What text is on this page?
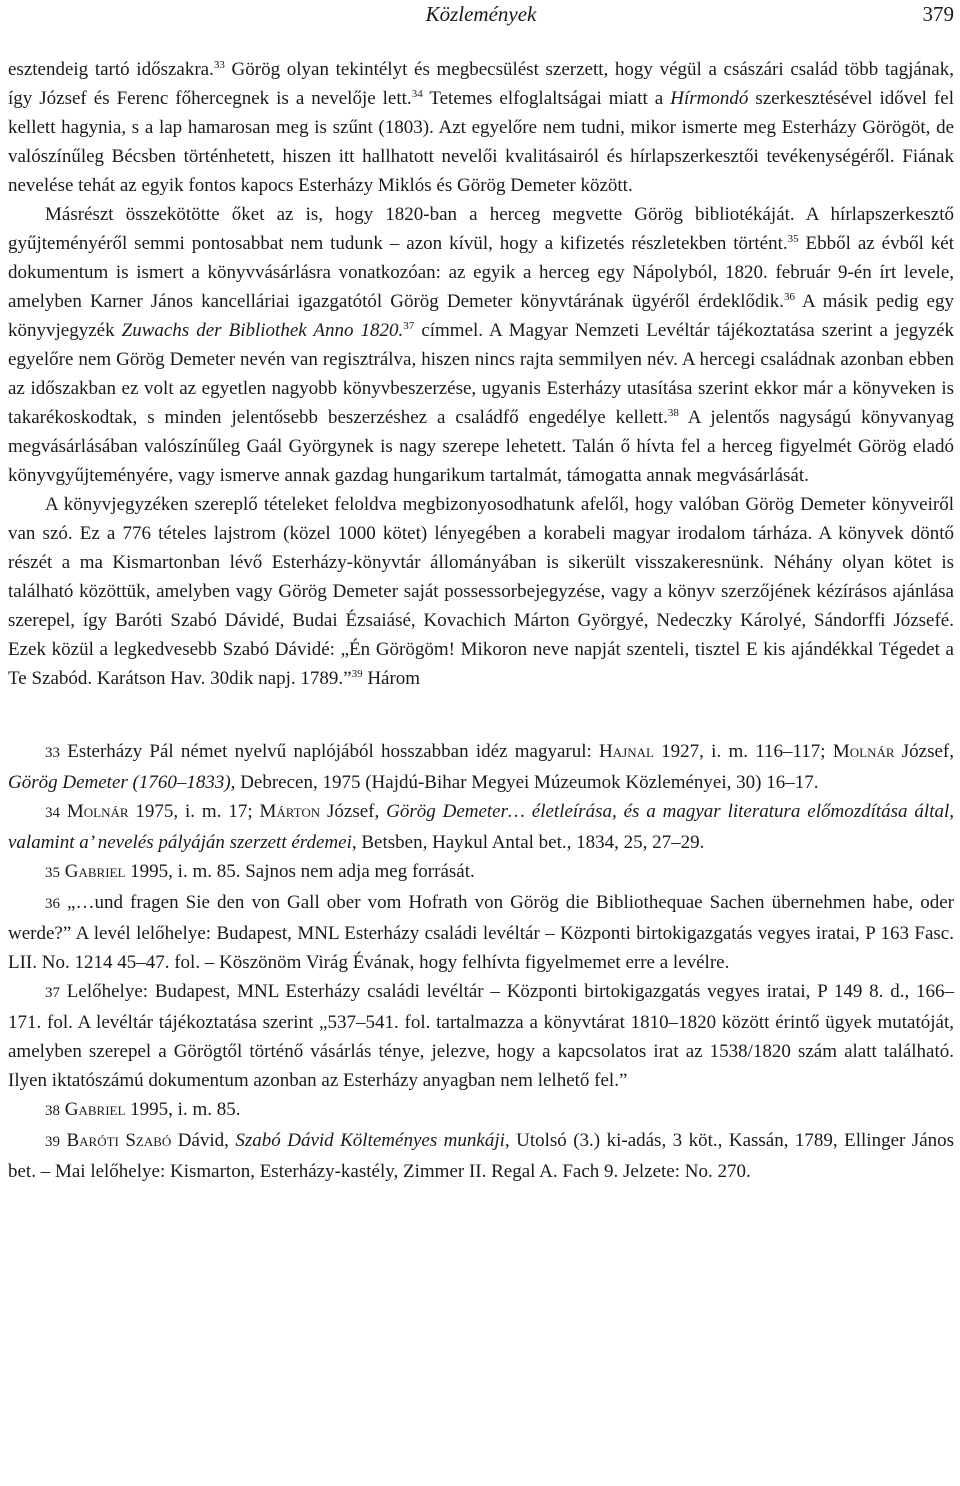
Közlemények	379

esztendeig tartó időszakra.$^{33}$ Görög olyan tekintélyt és megbecsülést szerzett, hogy végül a császári család több tagjának, így József és Ferenc főhercegnek is a nevelője lett.$^{34}$ Tetemes elfoglaltságai miatt a Hírmondó szerkesztésével idővel fel kellett hagynia, s a lap hamarosan meg is szűnt (1803). Azt egyelőre nem tudni, mikor ismerte meg Esterházy Görögöt, de valószínűleg Bécsben történhetett, hiszen itt hallhatott nevelői kvalitásairól és hírlapszerkesztői tevékenységéről. Fiának nevelése tehát az egyik fontos kapocs Esterházy Miklós és Görög Demeter között.

Másrészt összekötötte őket az is, hogy 1820-ban a herceg megvette Görög bibliotékáját. A hírlapszerkesztő gyűjteményéről semmi pontosabbat nem tudunk – azon kívül, hogy a kifizetés részletekben történt.$^{35}$ Ebből az évből két dokumentum is ismert a könyvvásárlásra vonatkozóan: az egyik a herceg egy Nápolyból, 1820. február 9-én írt levele, amelyben Karner János kancelláriai igazgatótól Görög Demeter könyvtárának ügyéről érdeklődik.$^{36}$ A másik pedig egy könyvjegyzék Zuwachs der Bibliothek Anno 1820.37 címmel. A Magyar Nemzeti Levéltár tájékoztatása szerint a jegyzék egyelőre nem Görög Demeter nevén van regisztrálva, hiszen nincs rajta semmilyen név. A hercegi családnak azonban ebben az időszakban ez volt az egyetlen nagyobb könyvbeszerzése, ugyanis Esterházy utasítása szerint ekkor már a könyveken is takarékoskodtak, s minden jelentősebb beszerzéshez a családfő engedélye kellett.$^{38}$ A jelentős nagyságú könyvanyag megvásárlásában valószínűleg Gaál Györgynek is nagy szerepe lehetett. Talán ő hívta fel a herceg figyelmét Görög eladó könyvgyűjteményére, vagy ismerve annak gazdag hungarikum tartalmát, támogatta annak megvásárlását.

A könyvjegyzéken szereplő tételeket feloldva megbizonyosodhatunk afelől, hogy valóban Görög Demeter könyveiről van szó. Ez a 776 tételes lajstrom (közel 1000 kötet) lényegében a korabeli magyar irodalom tárháza. A könyvek döntő részét a ma Kismartonban lévő Esterházy-könyvtár állományában is sikerült visszakeresnünk. Néhány olyan kötet is található közöttük, amelyben vagy Görög Demeter saját possessorbejegyzése, vagy a könyv szerzőjének kézírásos ajánlása szerepel, így Baróti Szabó Dávidé, Budai Ézsaiásé, Kovachich Márton Györgyé, Nedeczky Károlyé, Sándorffi Józsefé. Ezek közül a legkedvesebb Szabó Dávidé: „Én Görögöm! Mikoron neve napját szenteli, tisztel E kis ajándékkal Tégedet a Te Szabód. Karátson Hav. 30dik napj. 1789.”$^{39}$ Három

33 Esterházy Pál német nyelvű naplójából hosszabban idéz magyarul: Hajnal 1927, i. m. 116–117; Molnár József, Görög Demeter (1760–1833), Debrecen, 1975 (Hajdú-Bihar Megyei Múzeumok Közleményei, 30) 16–17.

34 Molnár 1975, i. m. 17; Márton József, Görög Demeter… életleírása, és a magyar literatura előmozdítása által, valamint a’ nevelés pályáján szerzett érdemei, Betsben, Haykul Antal bet., 1834, 25, 27–29.

35 Gabriel 1995, i. m. 85. Sajnos nem adja meg forrását.

36 „…und fragen Sie den von Gall ober vom Hofrath von Görög die Bibliothequae Sachen übernehmen habe, oder werde?” A levél lelőhelye: Budapest, MNL Esterházy családi levéltár – Központi birtokigazgatás vegyes iratai, P 163 Fasc. LII. No. 1214 45–47. fol. – Köszönöm Virág Évának, hogy felhívta figyelmemet erre a levélre.

37 Lelőhelye: Budapest, MNL Esterházy családi levéltár – Központi birtokigazgatás vegyes iratai, P 149 8. d., 166–171. fol. A levéltár tájékoztatása szerint „537–541. fol. tartalmazza a könyvtárat 1810–1820 között érintő ügyek mutatóját, amelyben szerepel a Görögtől történő vásárlás ténye, jelezve, hogy a kapcsolatos irat az 1538/1820 szám alatt található. Ilyen iktatószámú dokumentum azonban az Esterházy anyagban nem lelhető fel.”

38 Gabriel 1995, i. m. 85.

39 Baróti Szabó Dávid, Szabó Dávid Költeményes munkáji, Utolsó (3.) ki-adás, 3 köt., Kassán, 1789, Ellinger János bet. – Mai lelőhelye: Kismarton, Esterházy-kastély, Zimmer II. Regal A. Fach 9. Jelzete: No. 270.
